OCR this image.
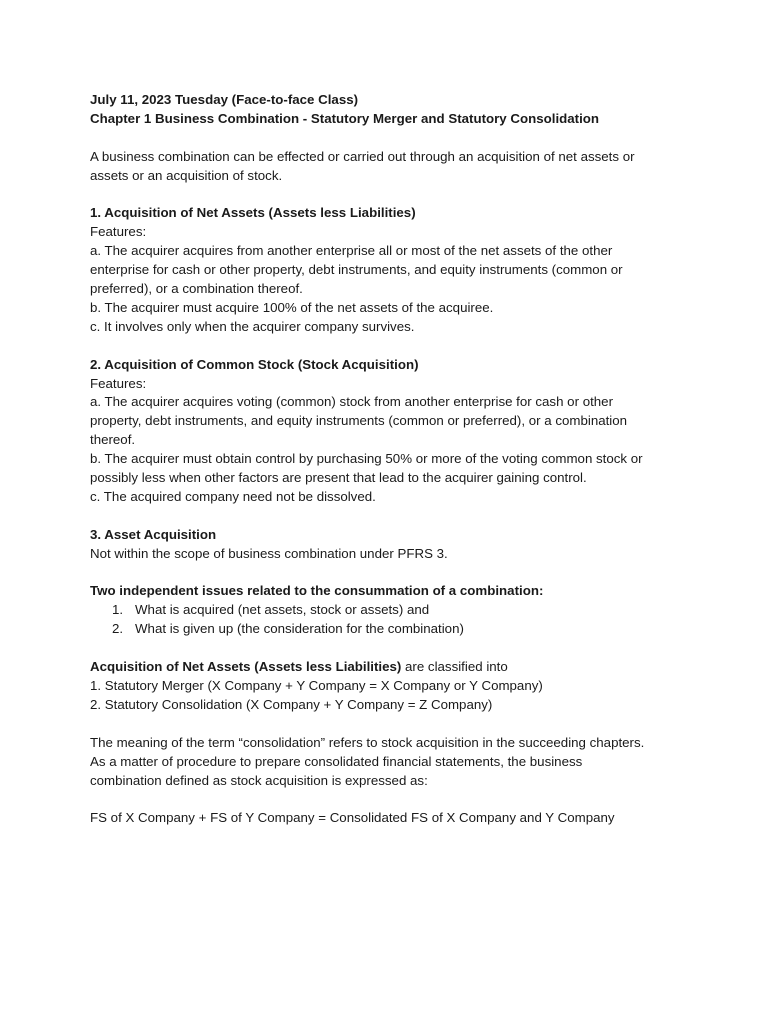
July 11, 2023 Tuesday (Face-to-face Class)

Chapter 1 Business Combination - Statutory Merger and Statutory Consolidation

A business combination can be effected or carried out through an acquisition of net assets or

assets or an acquisition of stock.

1. Acquisition of Net Assets (Assets less Liabilities)

Features:

a. The acquirer acquires from another enterprise all or most of the net assets of the other

enterprise for cash or other property, debt instruments, and equity instruments (common or

preferred), or a combination thereof.

b. The acquirer must acquire 100% of the net assets of the acquiree.

c. It involves only when the acquirer company survives.

2. Acquisition of Common Stock (Stock Acquisition)

Features:

a. The acquirer acquires voting (common) stock from another enterprise for cash or other

property, debt instruments, and equity instruments (common or preferred), or a combination

thereof.

b. The acquirer must obtain control by purchasing 50% or more of the voting common stock or

possibly less when other factors are present that lead to the acquirer gaining control.

c. The acquired company need not be dissolved.

3. Asset Acquisition

Not within the scope of business combination under PFRS 3.

Two independent issues related to the consummation of a combination:

1. What is acquired (net assets, stock or assets) and
2. What is given up (the consideration for the combination)

Acquisition of Net Assets (Assets less Liabilities) are classified into

1. Statutory Merger (X Company + Y Company = X Company or Y Company)

2. Statutory Consolidation (X Company + Y Company = Z Company)

The meaning of the term “consolidation” refers to stock acquisition in the succeeding chapters.

As a matter of procedure to prepare consolidated financial statements, the business

combination defined as stock acquisition is expressed as:

FS of X Company + FS of Y Company = Consolidated FS of X Company and Y Company
